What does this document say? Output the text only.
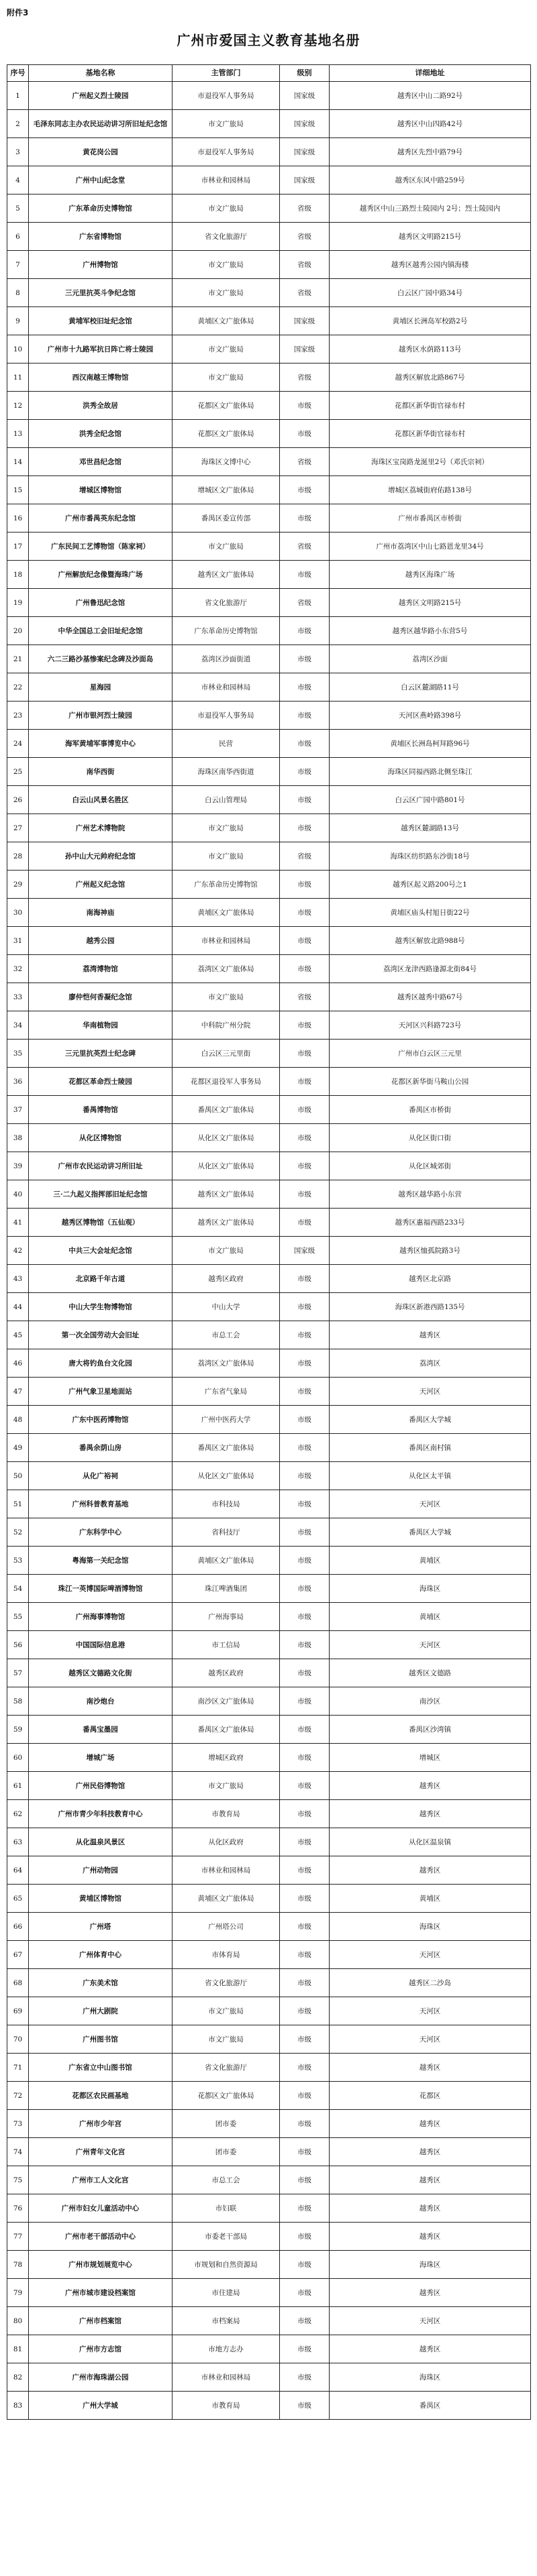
附件3
广州市爱国主义教育基地名册
序号	基地名称	主管部门	级别	详细地址
1	广州起义烈士陵园	市退役军人事务局	国家级	越秀区中山二路92号
2	毛泽东同志主办农民运动讲习所旧址纪念馆	市文广旅局	国家级	越秀区中山四路42号
3	黄花岗公园	市退役军人事务局	国家级	越秀区先烈中路79号
4	广州中山纪念堂	市林业和园林局	国家级	越秀区东风中路259号
5	广东革命历史博物馆	市文广旅局	省级	越秀区中山三路烈士陵园内 2号；烈士陵园内
6	广东省博物馆	省文化旅游厅	省级	越秀区文明路215号
7	广州博物馆	市文广旅局	省级	越秀区越秀公园内镇海楼
8	三元里抗英斗争纪念馆	市文广旅局	省级	白云区广园中路34号
9	黄埔军校旧址纪念馆	黄埔区文广旅体局	国家级	黄埔区长洲岛军校路2号
10	广州市十九路军抗日阵亡将士陵园	市文广旅局	国家级	越秀区水荫路113号
11	西汉南越王博物馆	市文广旅局	省级	越秀区解放北路867号
12	洪秀全故居	花都区文广旅体局	市级	花都区新华街官禄布村
13	洪秀全纪念馆	花都区文广旅体局	市级	花都区新华街官禄布村
14	邓世昌纪念馆	海珠区文博中心	省级	海珠区宝岗路龙涎里2号（邓氏宗祠）
15	增城区博物馆	增城区文广旅体局	市级	增城区荔城街府佑路138号
16	广州市番禺英东纪念馆	番禺区委宣传部	市级	广州市番禺区市桥街
17	广东民间工艺博物馆（陈家祠）	市文广旅局	省级	广州市荔湾区中山七路恩龙里34号
18	广州解放纪念像暨海珠广场	越秀区文广旅体局	市级	越秀区海珠广场
19	广州鲁迅纪念馆	省文化旅游厅	省级	越秀区文明路215号
20	中华全国总工会旧址纪念馆	广东革命历史博物馆	市级	越秀区越华路小东营5号
21	六二三路沙基惨案纪念碑及沙面岛	荔湾区沙面街道	市级	荔湾区沙面
22	星海园	市林业和园林局	市级	白云区麓湖路11号
23	广州市银河烈士陵园	市退役军人事务局	市级	天河区燕岭路398号
24	海军黄埔军事博览中心	民营	市级	黄埔区长洲岛柯拜路96号
25	南华西街	海珠区南华西街道	市级	海珠区同福西路北侧至珠江
26	白云山风景名胜区	白云山管理局	市级	白云区广园中路801号
27	广州艺术博物院	市文广旅局	市级	越秀区麓湖路13号
28	孙中山大元帅府纪念馆	市文广旅局	省级	海珠区纺织路东沙街18号
29	广州起义纪念馆	广东革命历史博物馆	市级	越秀区起义路200号之1
30	南海神庙	黄埔区文广旅体局	市级	黄埔区庙头村旭日街22号
31	越秀公园	市林业和园林局	市级	越秀区解放北路988号
32	荔湾博物馆	荔湾区文广旅体局	市级	荔湾区龙津西路逢源北街84号
33	廖仲恺何香凝纪念馆	市文广旅局	省级	越秀区越秀中路67号
34	华南植物园	中科院广州分院	市级	天河区兴科路723号
35	三元里抗英烈士纪念碑	白云区三元里街	市级	广州市白云区三元里
36	花都区革命烈士陵园	花都区退役军人事务局	市级	花都区新华街马鞍山公园
37	番禺博物馆	番禺区文广旅体局	市级	番禺区市桥街
38	从化区博物馆	从化区文广旅体局	市级	从化区街口街
39	广州市农民运动讲习所旧址	从化区文广旅体局	市级	从化区城郊街
40	三·二九起义指挥部旧址纪念馆	越秀区文广旅体局	市级	越秀区越华路小东营
41	越秀区博物馆（五仙观）	越秀区文广旅体局	市级	越秀区惠福西路233号
42	中共三大会址纪念馆	市文广旅局	国家级	越秀区恤孤院路3号
43	北京路千年古道	越秀区政府	市级	越秀区北京路
44	中山大学生物博物馆	中山大学	市级	海珠区新港西路135号
45	第一次全国劳动大会旧址	市总工会	市级	越秀区
46	唐大将钓鱼台文化园	荔湾区文广旅体局	市级	荔湾区
47	广州气象卫星地面站	广东省气象局	市级	天河区
48	广东中医药博物馆	广州中医药大学	市级	番禺区大学城
49	番禺余荫山房	番禺区文广旅体局	市级	番禺区南村镇
50	从化广裕祠	从化区文广旅体局	市级	从化区太平镇
51	广州科普教育基地	市科技局	市级	天河区
52	广东科学中心	省科技厅	市级	番禺区大学城
53	粤海第一关纪念馆	黄埔区文广旅体局	市级	黄埔区
54	珠江一英博国际啤酒博物馆	珠江啤酒集团	市级	海珠区
55	广州海事博物馆	广州海事局	市级	黄埔区
56	中国国际信息港	市工信局	市级	天河区
57	越秀区文德路文化街	越秀区政府	市级	越秀区文德路
58	南沙炮台	南沙区文广旅体局	市级	南沙区
59	番禺宝墨园	番禺区文广旅体局	市级	番禺区沙湾镇
60	增城广场	增城区政府	市级	增城区
61	广州民俗博物馆	市文广旅局	市级	越秀区
62	广州市青少年科技教育中心	市教育局	市级	越秀区
63	从化温泉风景区	从化区政府	市级	从化区温泉镇
64	广州动物园	市林业和园林局	市级	越秀区
65	黄埔区博物馆	黄埔区文广旅体局	市级	黄埔区
66	广州塔	广州塔公司	市级	海珠区
67	广州体育中心	市体育局	市级	天河区
68	广东美术馆	省文化旅游厅	市级	越秀区二沙岛
69	广州大剧院	市文广旅局	市级	天河区
70	广州图书馆	市文广旅局	市级	天河区
71	广东省立中山图书馆	省文化旅游厅	市级	越秀区
72	花都区农民画基地	花都区文广旅体局	市级	花都区
73	广州市少年宫	团市委	市级	越秀区
74	广州青年文化宫	团市委	市级	越秀区
75	广州市工人文化宫	市总工会	市级	越秀区
76	广州市妇女儿童活动中心	市妇联	市级	越秀区
77	广州市老干部活动中心	市委老干部局	市级	越秀区
78	广州市规划展览中心	市规划和自然资源局	市级	海珠区
79	广州市城市建设档案馆	市住建局	市级	越秀区
80	广州市档案馆	市档案局	市级	天河区
81	广州市方志馆	市地方志办	市级	越秀区
82	广州市海珠湖公园	市林业和园林局	市级	海珠区
83	广州大学城	市教育局	市级	番禺区
